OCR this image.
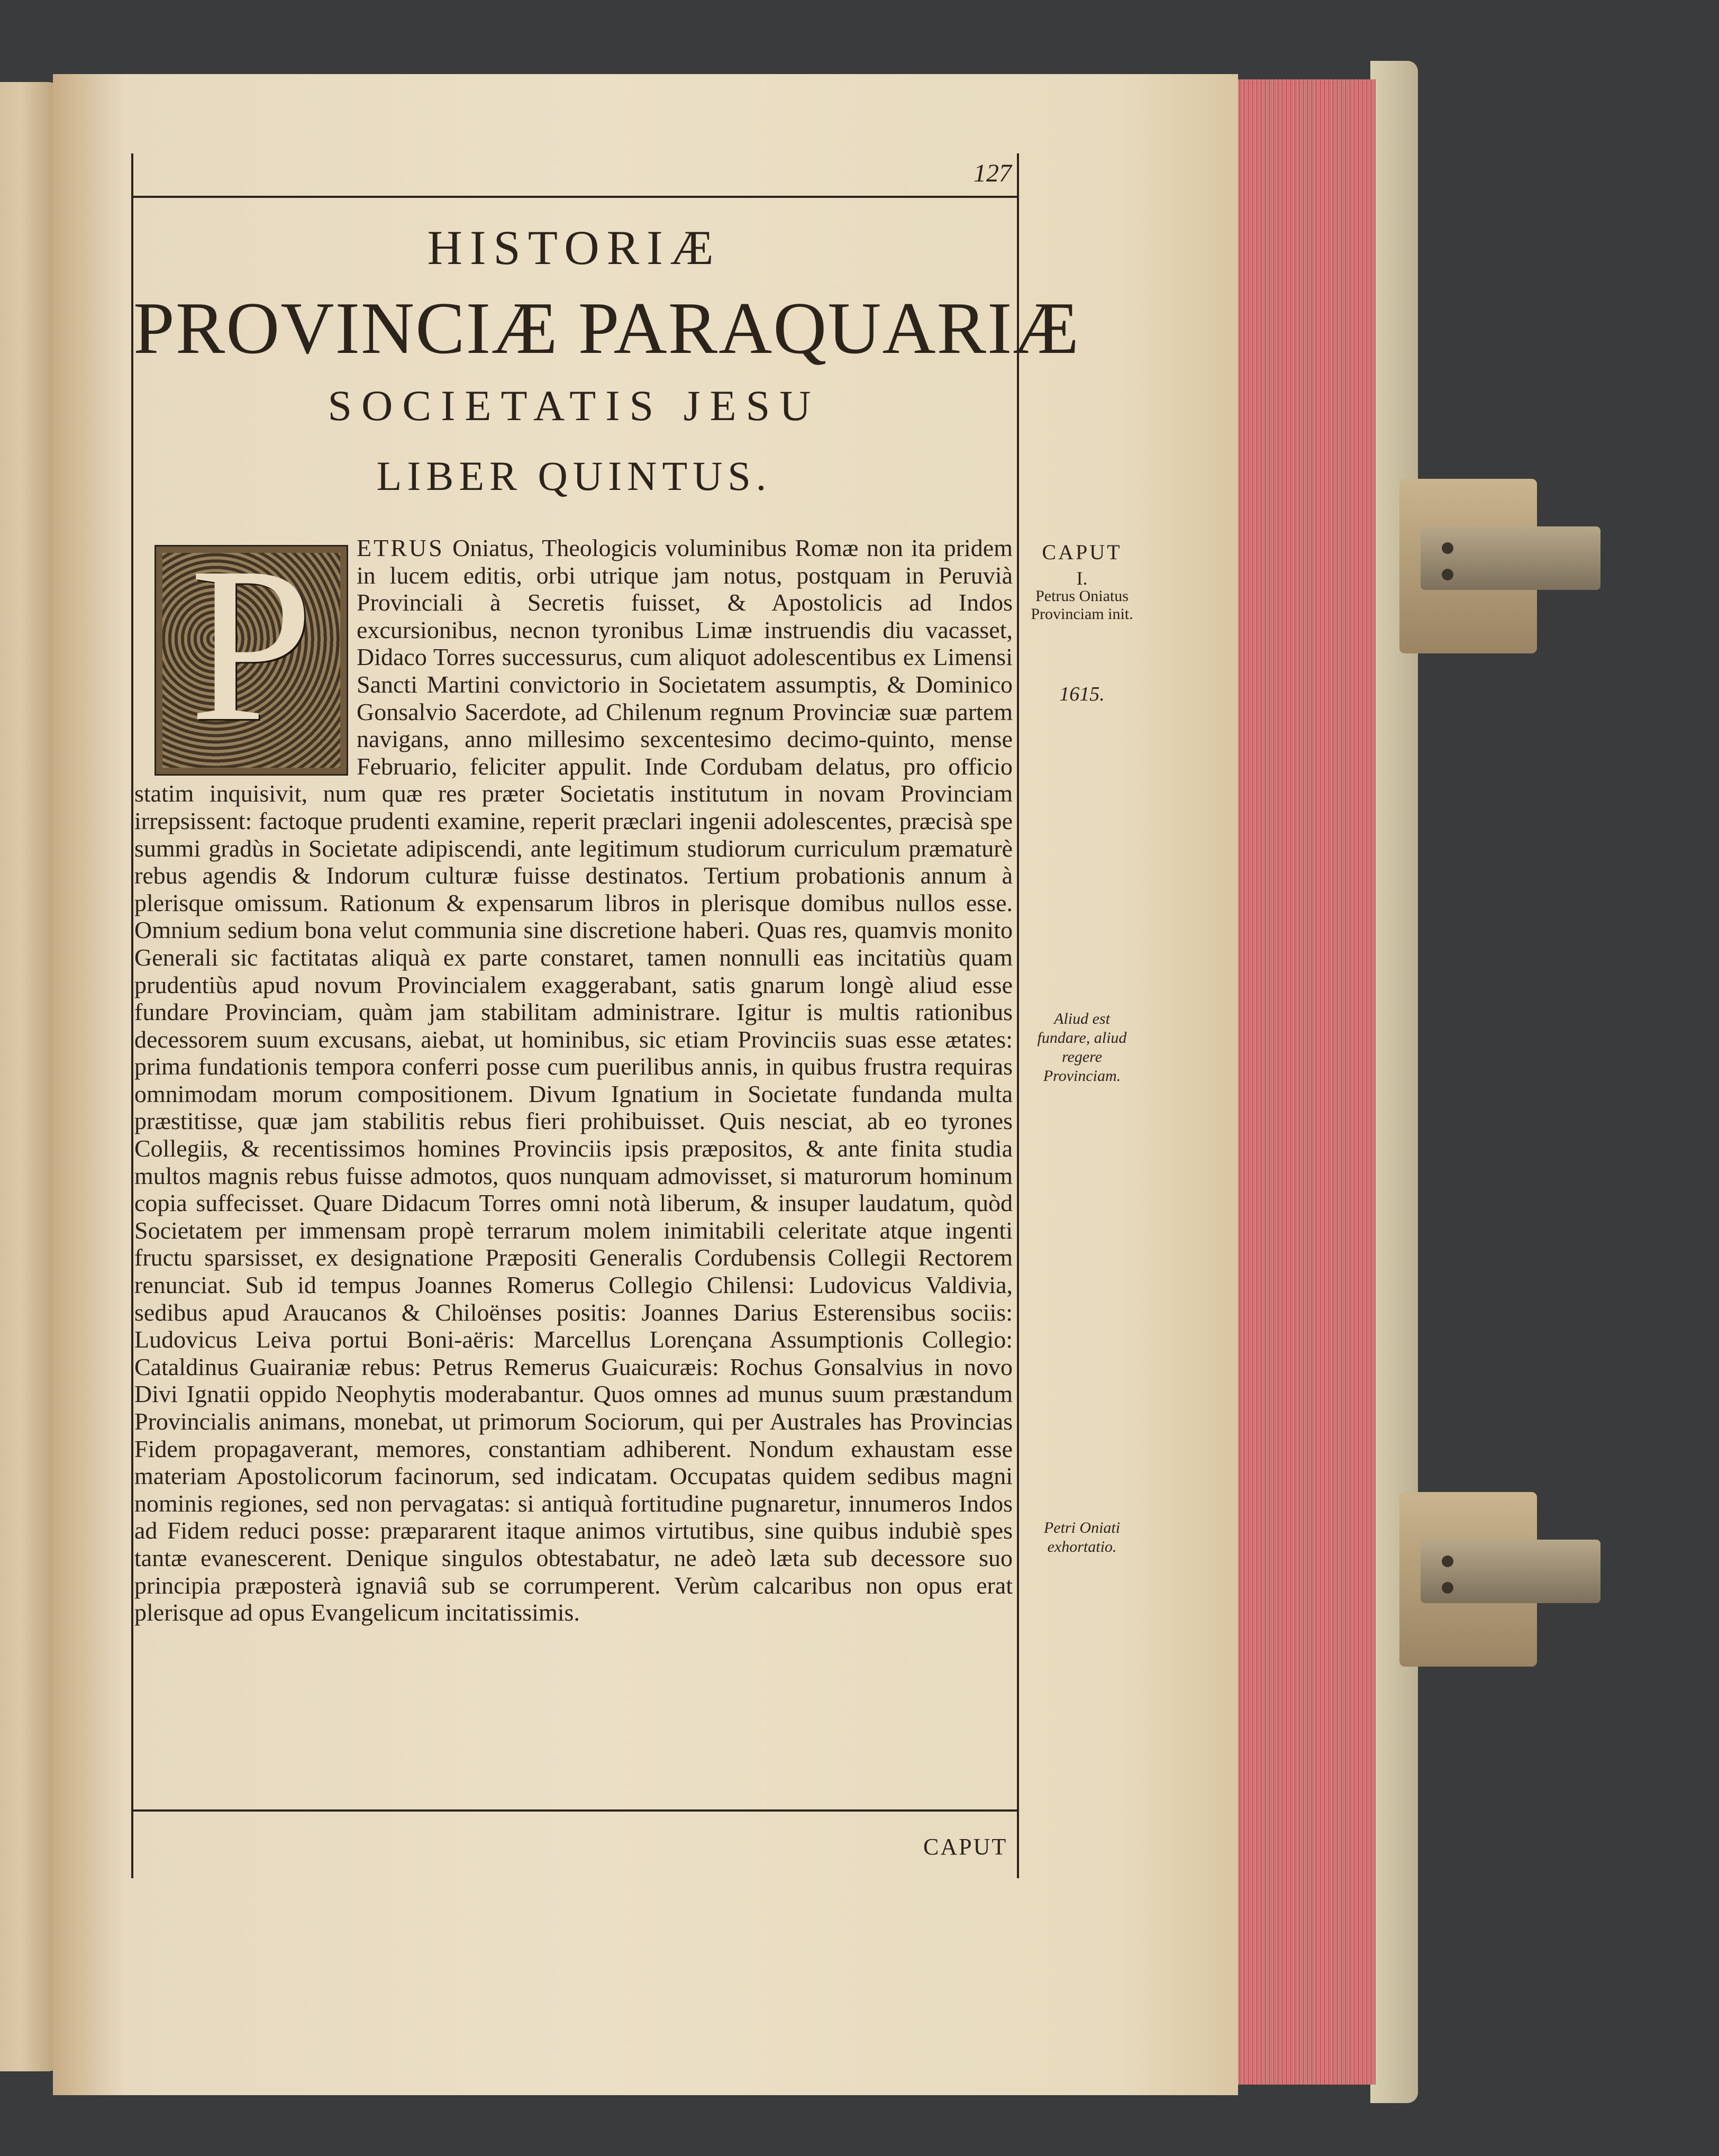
127
HISTORIÆ
PROVINCIÆ PARAQUARIÆ
SOCIETATIS JESU
LIBER QUINTUS.
P	ETRUS Oniatus, Theologicis voluminibus Romæ non ita pridem in lucem editis, orbi utrique jam notus, postquam in Peruvià Provinciali à Secretis fuisset, & Apostolicis ad Indos excursionibus, necnon tyronibus Limæ instruendis diu vacasset, Didaco Torres successurus, cum aliquot adolescentibus ex Limensi Sancti Martini convictorio in Societatem assumptis, & Dominico Gonsalvio Sacerdote, ad Chilenum regnum Provinciæ suæ partem navigans, anno millesimo sexcentesimo decimo-quinto, mense Februario, feliciter appulit. Inde Cordubam delatus, pro officio statim inquisivit, num quæ res præter Societatis institutum in novam Provinciam irrepsissent: factoque prudenti examine, reperit præclari ingenii adolescentes, præcisà spe summi gradùs in Societate adipiscendi, ante legitimum studiorum curriculum præmaturè rebus agendis & Indorum culturæ fuisse destinatos. Tertium probationis annum à plerisque omissum. Rationum & expensarum libros in plerisque domibus nullos esse. Omnium sedium bona velut communia sine discretione haberi. Quas res, quamvis monito Generali sic factitatas aliquà ex parte constaret, tamen nonnulli eas incitatiùs quam prudentiùs apud novum Provincialem exaggerabant, satis gnarum longè aliud esse fundare Provinciam, quàm jam stabilitam administrare. Igitur is multis rationibus decessorem suum excusans, aiebat, ut hominibus, sic etiam Provinciis suas esse ætates: prima fundationis tempora conferri posse cum puerilibus annis, in quibus frustra requiras omnimodam morum compositionem. Divum Ignatium in Societate fundanda multa præstitisse, quæ jam stabilitis rebus fieri prohibuisset. Quis nesciat, ab eo tyrones Collegiis, & recentissimos homines Provinciis ipsis præpositos, & ante finita studia multos magnis rebus fuisse admotos, quos nunquam admovisset, si maturorum hominum copia suffecisset. Quare Didacum Torres omni notà liberum, & insuper laudatum, quòd Societatem per immensam propè terrarum molem inimitabili celeritate atque ingenti fructu sparsisset, ex designatione Præpositi Generalis Cordubensis Collegii Rectorem renunciat. Sub id tempus Joannes Romerus Collegio Chilensi: Ludovicus Valdivia, sedibus apud Araucanos & Chiloënses positis: Joannes Darius Esterensibus sociis: Ludovicus Leiva portui Boni-aëris: Marcellus Lorençana Assumptionis Collegio: Cataldinus Guairaniæ rebus: Petrus Remerus Guaicuræis: Rochus Gonsalvius in novo Divi Ignatii oppido Neophytis moderabantur. Quos omnes ad munus suum præstandum Provincialis animans, monebat, ut primorum Sociorum, qui per Australes has Provincias Fidem propagaverant, memores, constantiam adhiberent. Nondum exhaustam esse materiam Apostolicorum facinorum, sed indicatam. Occupatas quidem sedibus magni nominis regiones, sed non pervagatas: si antiquà fortitudine pugnaretur, innumeros Indos ad Fidem reduci posse: præpararent itaque animos virtutibus, sine quibus indubiè spes tantæ evanescerent. Denique singulos obtestabatur, ne adeò læta sub decessore suo principia præposterà ignaviâ sub se corrumperent. Verùm calcaribus non opus erat plerisque ad opus Evangelicum incitatissimis.

CAPUT
I.
Petrus Oniatus Provinciam init.
1615.
Aliud est fundare, aliud regere Provinciam.
Petri Oniati exhortatio.
CAPUT
